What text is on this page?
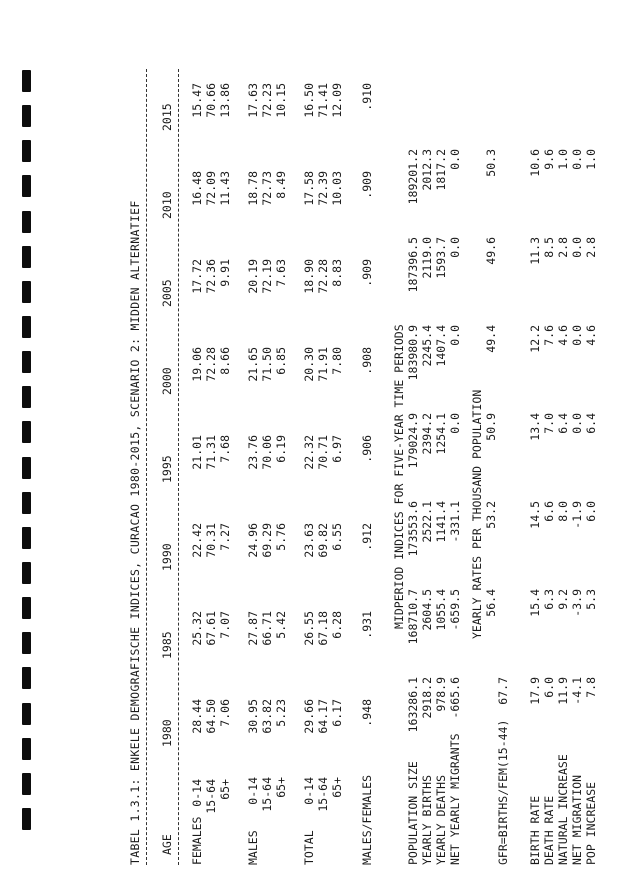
TABEL 1.3.1: ENKELE DEMOGRAFISCHE INDICES, CURACAO 1980-2015, SCENARIO 2: MIDDEN ALTERNATIEF AGE
1980
1985
1990
1995
2000
2005
2010
2015
FEMALES
0-14
28.44
25.32
22.42
21.01
19.06
17.72
16.48
15.47
15-64
64.50
67.61
70.31
71.31
72.28
72.36
72.09
70.66
65+
7.06
7.07
7.27
7.68
8.66
9.91
11.43
13.86
MALES
0-14
30.95
27.87
24.96
23.76
21.65
20.19
18.78
17.63
15-64
63.82
66.71
69.29
70.06
71.50
72.19
72.73
72.23
65+
5.23
5.42
5.76
6.19
6.85
7.63
8.49
10.15
TOTAL
0-14
29.66
26.55
23.63
22.32
20.30
18.90
17.58
16.50
15-64
64.17
67.18
69.82
70.71
71.91
72.28
72.39
71.41
65+
6.17
6.28
6.55
6.97
7.80
8.83
10.03
12.09
MALES/FEMALES
.948
.931
.912
.906
.908
.909
.909
.910
MIDPERIOD INDICES FOR FIVE-YEAR TIME PERIODS
POPULATION SIZE
163286.1
168710.7
173553.6
179024.9
183980.9
187396.5
189201.2
YEARLY BIRTHS
2918.2
2604.5
2522.1
2394.2
2245.4
2119.0
2012.3
YEARLY DEATHS
978.9
1055.4
1141.4
1254.1
1407.4
1593.7
1817.2
NET YEARLY MIGRANTS
-665.6
-659.5
-331.1
0.0
0.0
0.0
0.0
YEARLY RATES PER THOUSAND POPULATION
GFR=BIRTHS/FEM(15-44)
67.7
56.4
53.2
50.9
49.4
49.6
50.3
BIRTH RATE
17.9
15.4
14.5
13.4
12.2
11.3
10.6
DEATH RATE
6.0
6.3
6.6
7.0
7.6
8.5
9.6
NATURAL INCREASE
11.9
9.2
8.0
6.4
4.6
2.8
1.0
NET MIGRATION
-4.1
-3.9
-1.9
0.0
0.0
0.0
0.0
POP INCREASE
7.8
5.3
6.0
6.4
4.6
2.8
1.0
